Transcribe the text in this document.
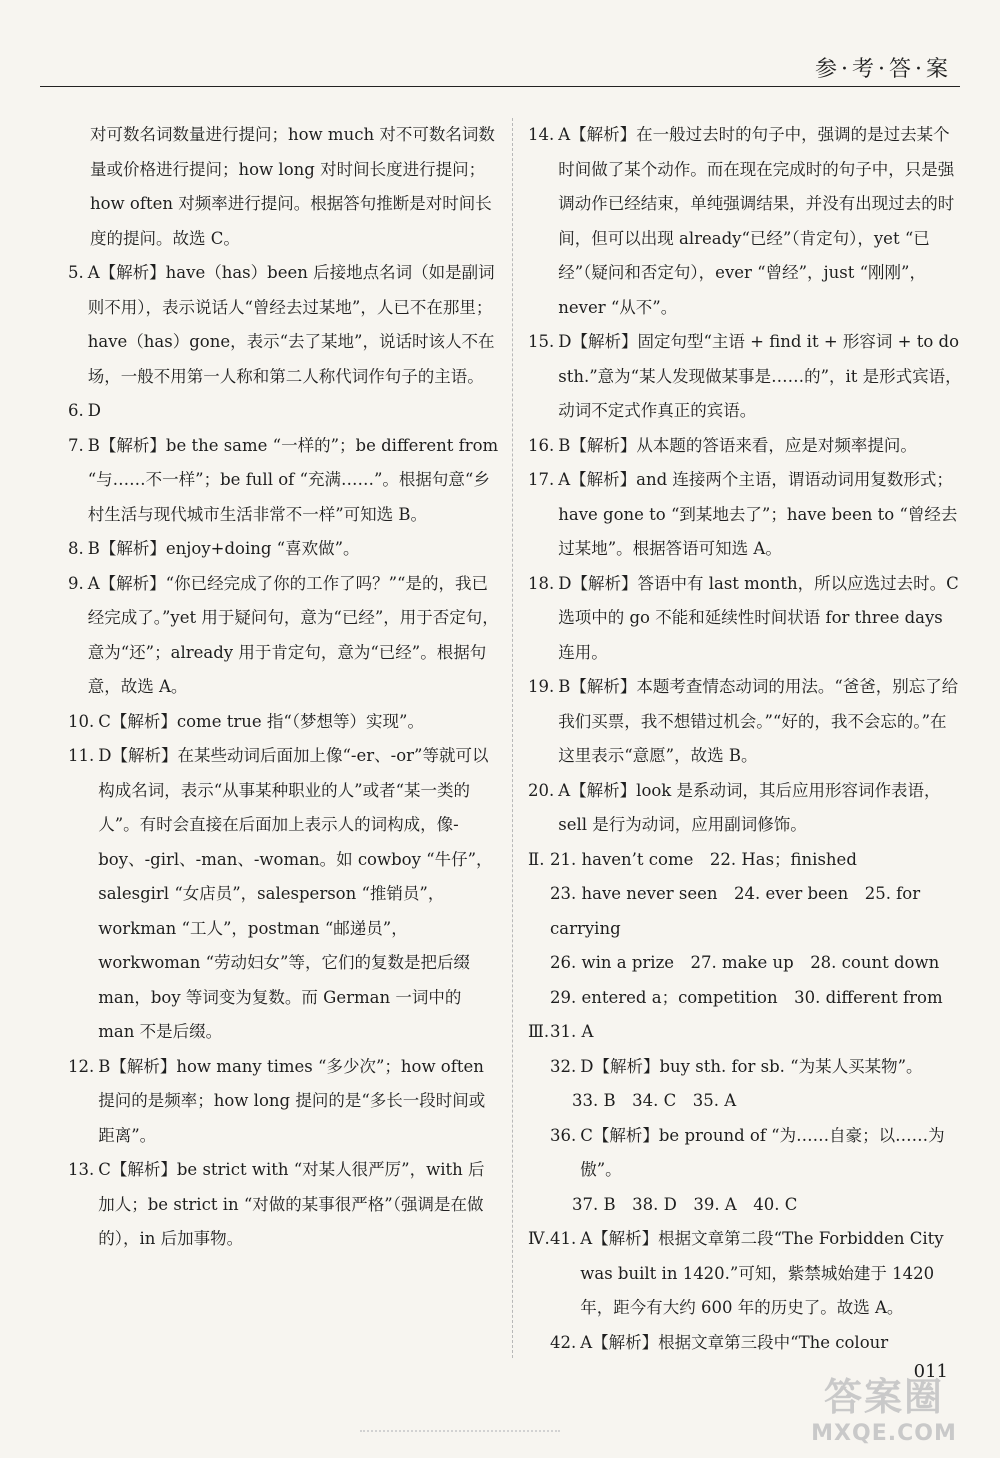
参·考·答·案
对可数名词数量进行提问；how much 对不可数名词数量或价格进行提问；how long 对时间长度进行提问；how often 对频率进行提问。根据答句推断是对时间长度的提问。故选 C。
5. A【解析】have（has）been 后接地点名词（如是副词则不用），表示说话人“曾经去过某地”，人已不在那里；have（has）gone，表示“去了某地”，说话时该人不在场，一般不用第一人称和第二人称代词作句子的主语。
6. D
7. B【解析】be the same “一样的”；be different from “与……不一样”；be full of “充满……”。根据句意“乡村生活与现代城市生活非常不一样”可知选 B。
8. B【解析】enjoy+doing “喜欢做”。
9. A【解析】“你已经完成了你的工作了吗？”“是的，我已经完成了。”yet 用于疑问句，意为“已经”，用于否定句，意为“还”；already 用于肯定句，意为“已经”。根据句意，故选 A。
10. C【解析】come true 指“（梦想等）实现”。
11. D【解析】在某些动词后面加上像“-er、-or”等就可以构成名词，表示“从事某种职业的人”或者“某一类的人”。有时会直接在后面加上表示人的词构成，像-boy、-girl、-man、-woman。如 cowboy “牛仔”，salesgirl “女店员”，salesperson “推销员”，workman “工人”，postman “邮递员”，workwoman “劳动妇女”等，它们的复数是把后缀 man，boy 等词变为复数。而 German 一词中的 man 不是后缀。
12. B【解析】how many times “多少次”；how often 提问的是频率；how long 提问的是“多长一段时间或距离”。
13. C【解析】be strict with “对某人很严厉”，with 后加人；be strict in “对做的某事很严格”（强调是在做的），in 后加事物。
14. A【解析】在一般过去时的句子中，强调的是过去某个时间做了某个动作。而在现在完成时的句子中，只是强调动作已经结束，单纯强调结果，并没有出现过去的时间，但可以出现 already“已经”（肯定句），yet “已经”（疑问和否定句），ever “曾经”，just “刚刚”，never “从不”。
15. D【解析】固定句型“主语 + find it + 形容词 + to do sth.”意为“某人发现做某事是……的”，it 是形式宾语，动词不定式作真正的宾语。
16. B【解析】从本题的答语来看，应是对频率提问。
17. A【解析】and 连接两个主语，谓语动词用复数形式；have gone to “到某地去了”；have been to “曾经去过某地”。根据答语可知选 A。
18. D【解析】答语中有 last month，所以应选过去时。C 选项中的 go 不能和延续性时间状语 for three days 连用。
19. B【解析】本题考查情态动词的用法。“爸爸，别忘了给我们买票，我不想错过机会。”“好的，我不会忘的。”在这里表示“意愿”，故选 B。
20. A【解析】look 是系动词，其后应用形容词作表语，sell 是行为动词，应用副词修饰。
Ⅱ. 21. haven’t come　22. Has；finished
23. have never seen　24. ever been　25. for carrying
26. win a prize　27. make up　28. count down
29. entered a；competition　30. different from
Ⅲ. 31. A
32. D【解析】buy sth. for sb. “为某人买某物”。
33. B　34. C　35. A
36. C【解析】be pround of “为……自豪；以……为傲”。
37. B　38. D　39. A　40. C
Ⅳ. 41. A【解析】根据文章第二段“The Forbidden City was built in 1420.”可知，紫禁城始建于 1420 年，距今有大约 600 年的历史了。故选 A。
42. A【解析】根据文章第三段中“The colour
011
答案圈
MXQE.COM
